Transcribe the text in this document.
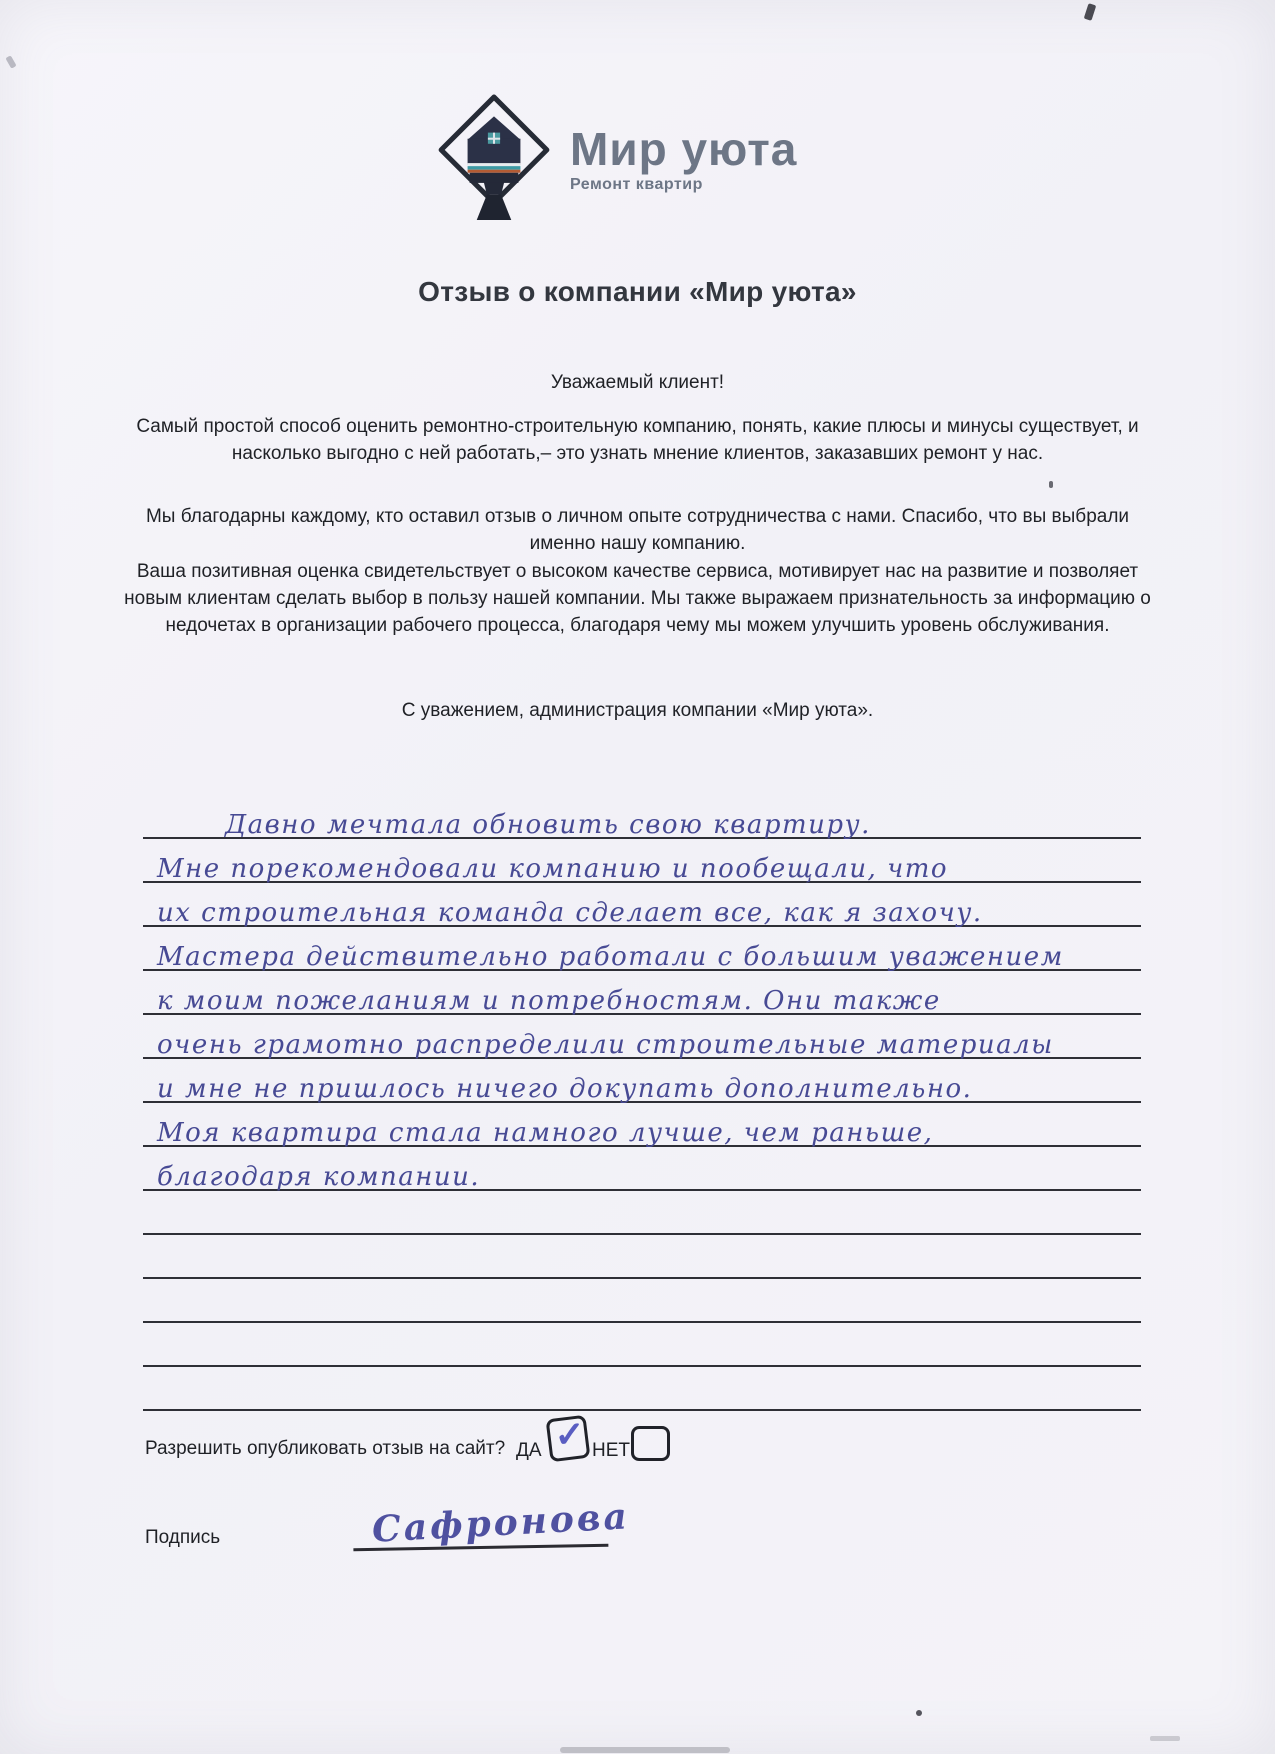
Мир уюта
Ремонт квартир
Отзыв о компании «Мир уюта»
Уважаемый клиент!
Самый простой способ оценить ремонтно-строительную компанию, понять, какие плюсы и минусы существует, и насколько выгодно с ней работать,– это узнать мнение клиентов, заказавших ремонт у нас.
Мы благодарны каждому, кто оставил отзыв о личном опыте сотрудничества с нами. Спасибо, что вы выбрали именно нашу компанию.
Ваша позитивная оценка свидетельствует о высоком качестве сервиса, мотивирует нас на развитие и позволяет новым клиентам сделать выбор в пользу нашей компании. Мы также выражаем признательность за информацию о недочетах в организации рабочего процесса, благодаря чему мы можем улучшить уровень обслуживания.
С уважением, администрация компании «Мир уюта».
Давно мечтала обновить свою квартиру.
Мне порекомендовали компанию и пообещали, что
их строительная команда сделает все, как я захочу.
Мастера действительно работали с большим уважением
к моим пожеланиям и потребностям. Они также
очень грамотно распределили строительные материалы
и мне не пришлось ничего докупать дополнительно.
Моя квартира стала намного лучше, чем раньше,
благодаря компании.
Разрешить опубликовать отзыв на сайт? ДА ✓ НЕТ
Подпись	Сафронова
